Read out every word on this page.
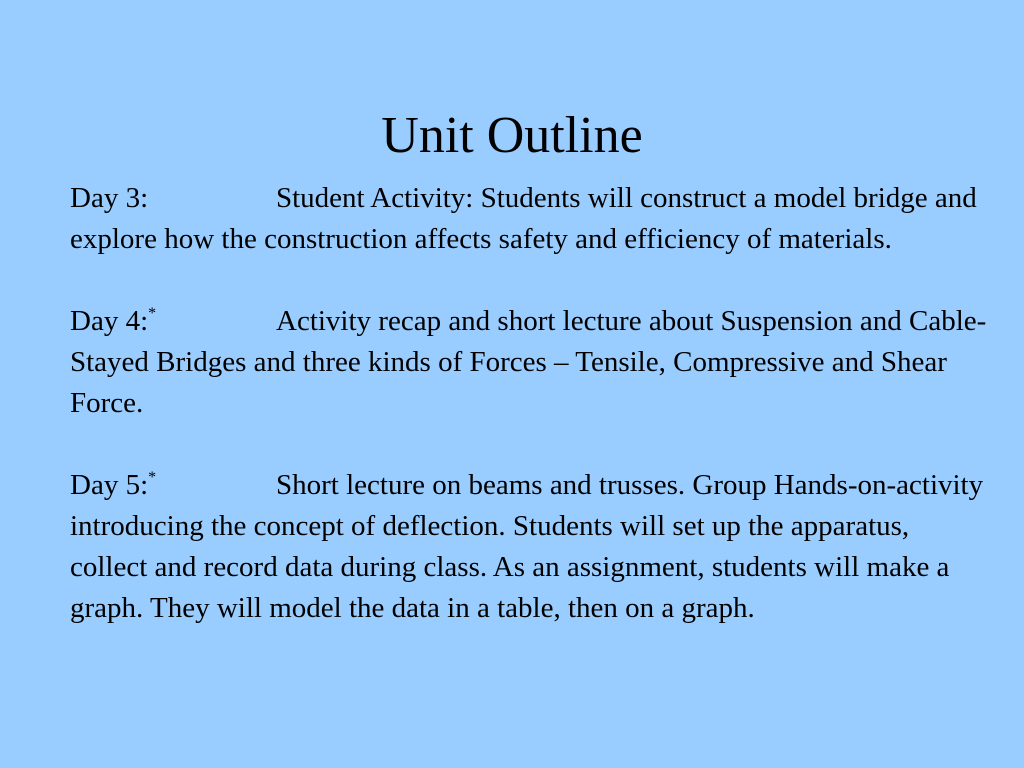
Unit Outline

Day 3:	Student Activity: Students will construct a model bridge and explore how the construction affects safety and efficiency of materials.

Day 4:*	Activity recap and short lecture about Suspension and Cable-Stayed Bridges and three kinds of Forces – Tensile, Compressive and Shear Force.

Day 5:*	Short lecture on beams and trusses. Group Hands-on-activity introducing the concept of deflection. Students will set up the apparatus, collect and record data during class. As an assignment, students will make a graph. They will model the data in a table, then on a graph.
